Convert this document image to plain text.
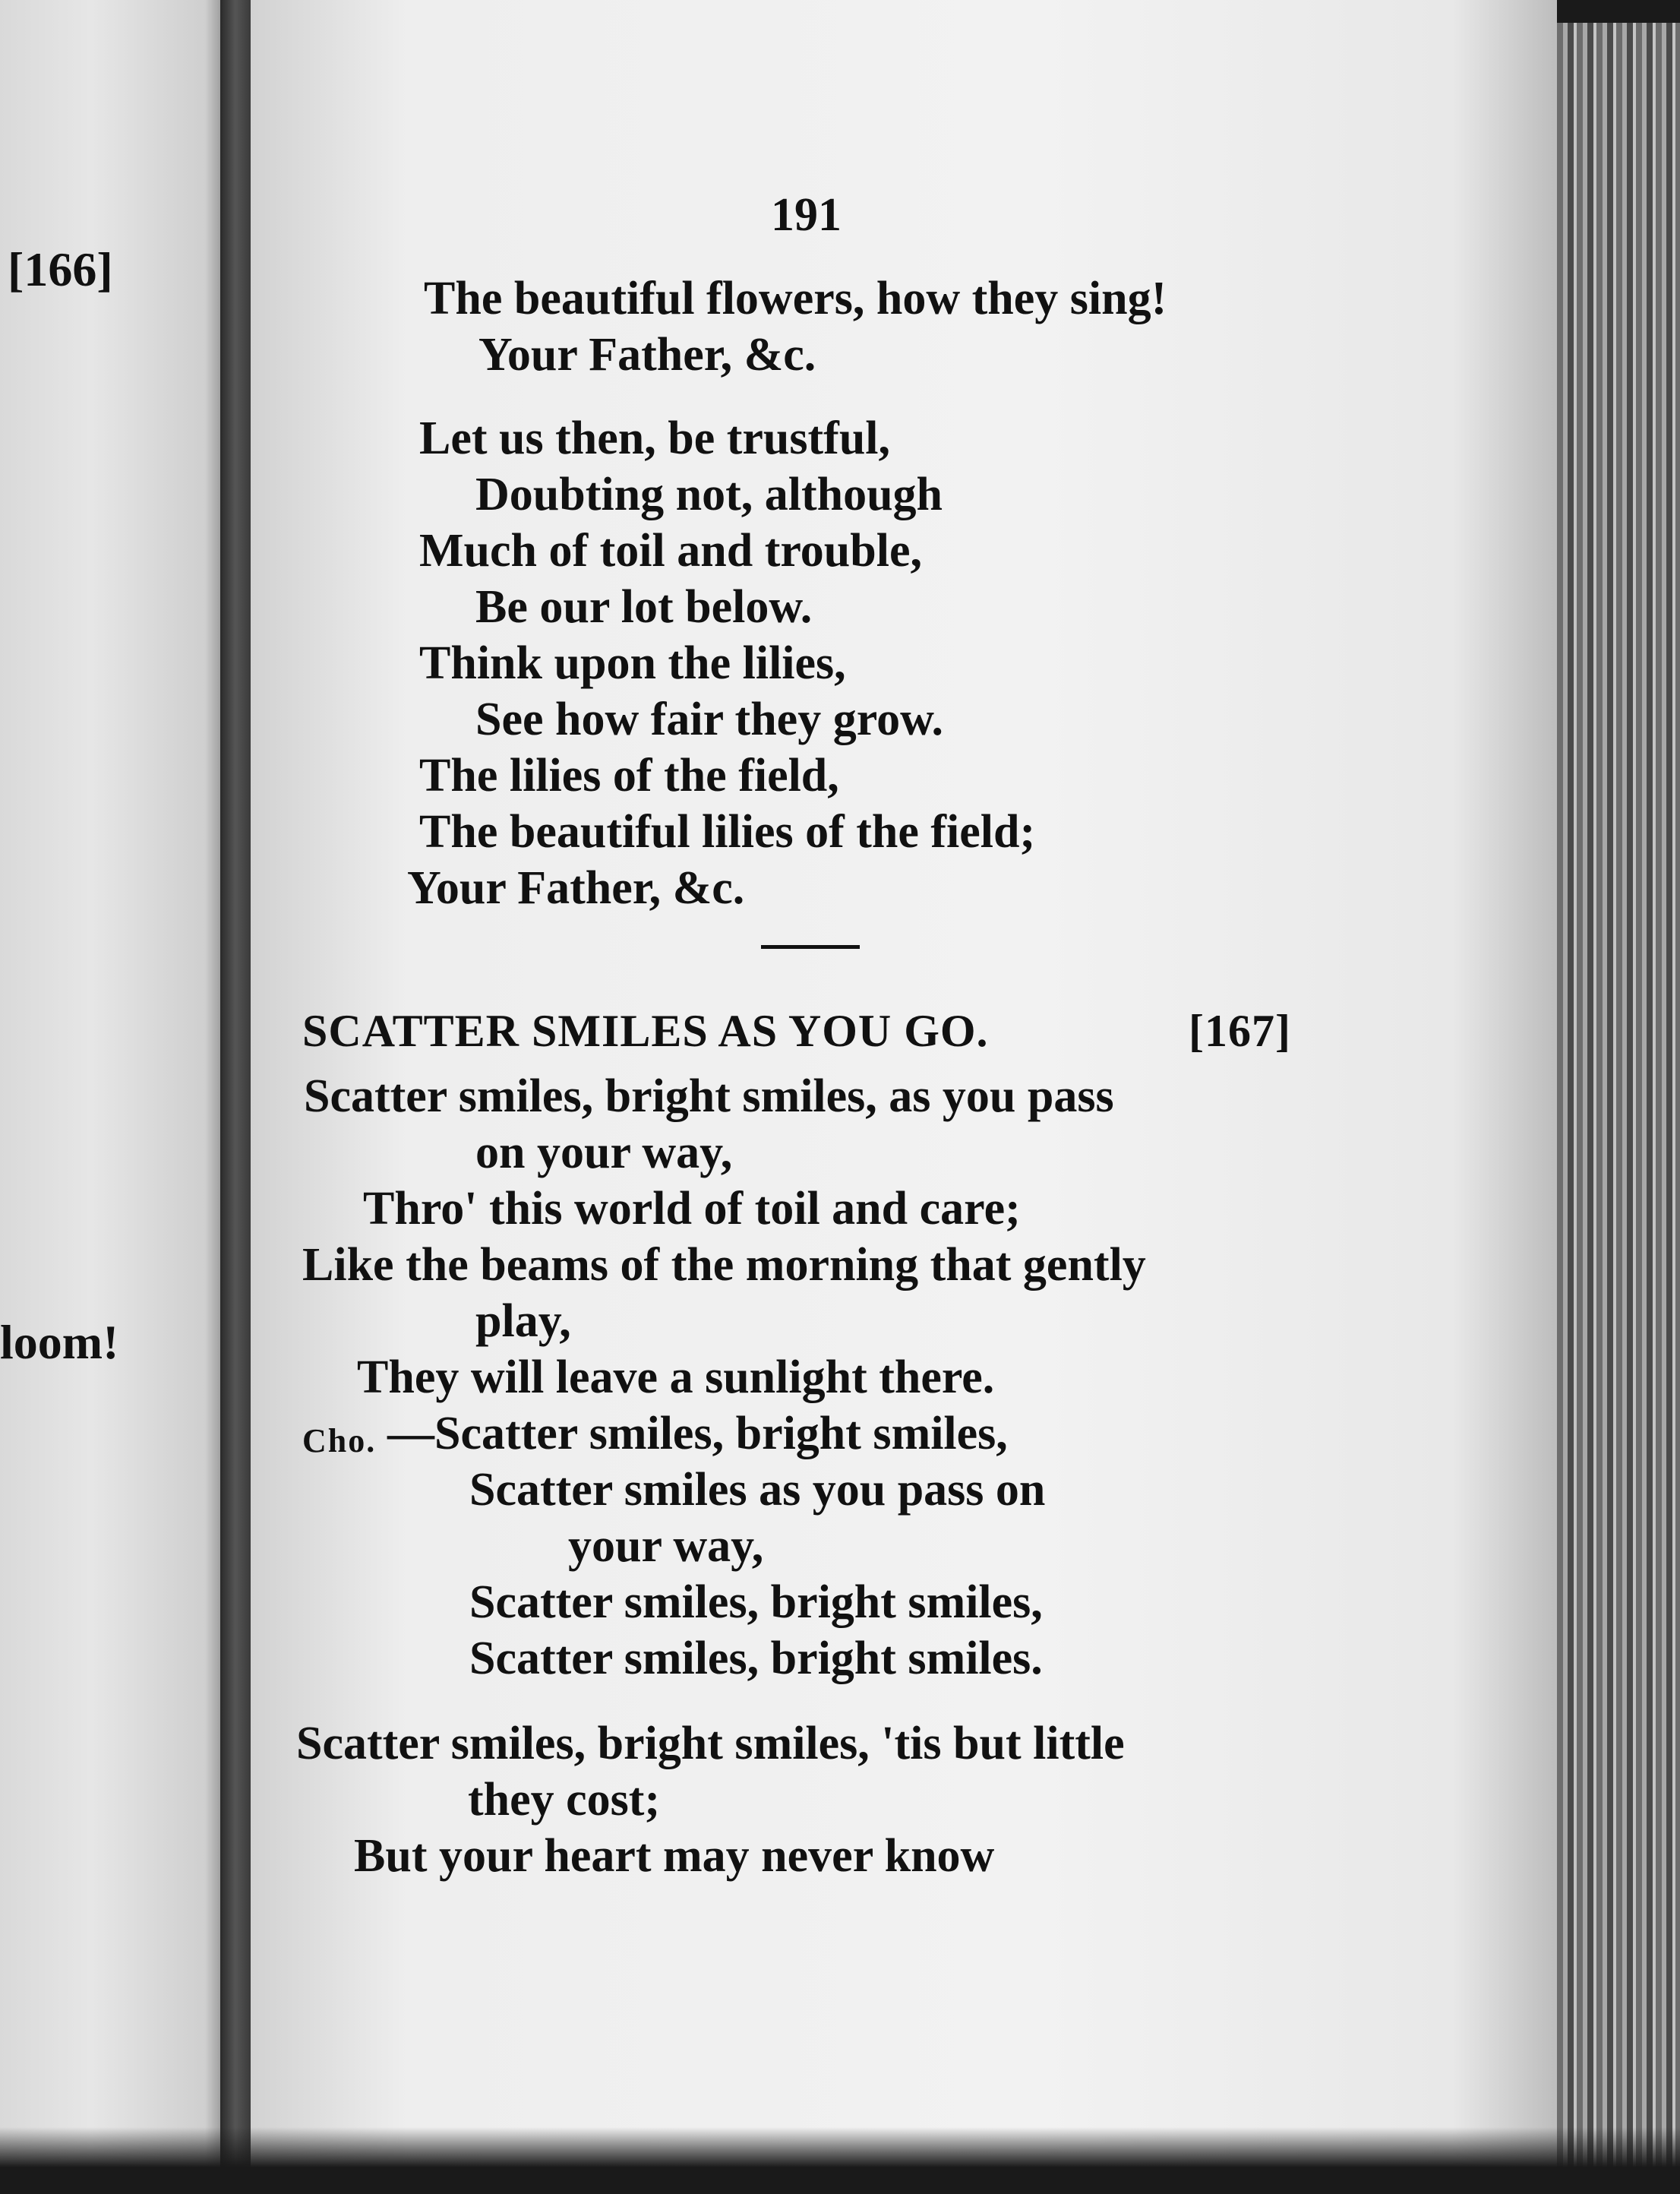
[166]
loom!
191
The beautiful flowers, how they sing!
Your Father, &c.
Let us then, be trustful,
Doubting not, although
Much of toil and trouble,
Be our lot below.
Think upon the lilies,
See how fair they grow.
The lilies of the field,
The beautiful lilies of the field;
Your Father, &c.
SCATTER SMILES AS YOU GO.	[167]
Scatter smiles, bright smiles, as you pass
on your way,
Thro' this world of toil and care;
Like the beams of the morning that gently
play,
They will leave a sunlight there.
Cho. —Scatter smiles, bright smiles,
Scatter smiles as you pass on
your way,
Scatter smiles, bright smiles,
Scatter smiles, bright smiles.
Scatter smiles, bright smiles, 'tis but little
they cost;
But your heart may never know
